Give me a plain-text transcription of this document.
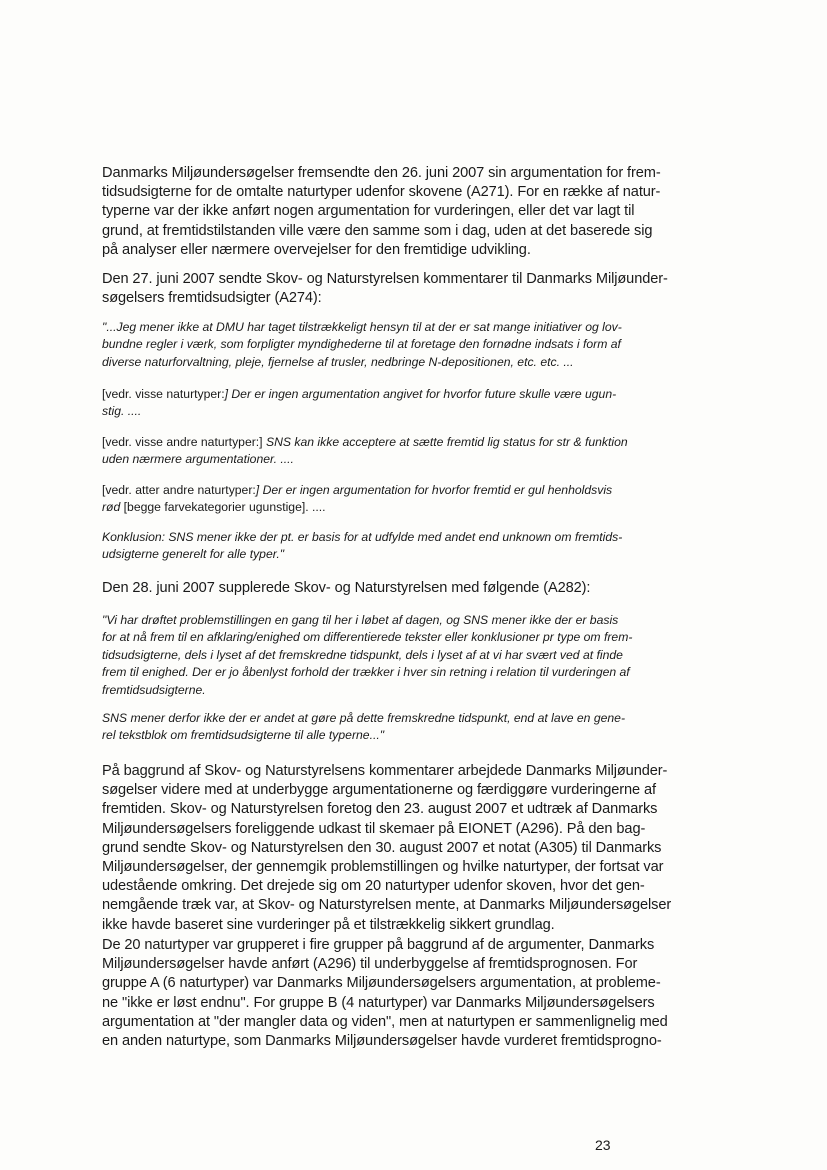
Danmarks Miljøundersøgelser fremsendte den 26. juni 2007 sin argumentation for frem-
tidsudsigterne for de omtalte naturtyper udenfor skovene (A271). For en række af natur-
typerne var der ikke anført nogen argumentation for vurderingen, eller det var lagt til
grund, at fremtidstilstanden ville være den samme som i dag, uden at det baserede sig
på analyser eller nærmere overvejelser for den fremtidige udvikling.

Den 27. juni 2007 sendte Skov- og Naturstyrelsen kommentarer til Danmarks Miljøunder-
søgelsers fremtidsudsigter (A274):

"...Jeg mener ikke at DMU har taget tilstrækkeligt hensyn til at der er sat mange initiativer og lov-
bundne regler i værk, som forpligter myndighederne til at foretage den fornødne indsats i form af
diverse naturforvaltning, pleje, fjernelse af trusler, nedbringe N-depositionen, etc. etc. ...

[vedr. visse naturtyper:] Der er ingen argumentation angivet for hvorfor future skulle være ugun-
stig. ....

[vedr. visse andre naturtyper:] SNS kan ikke acceptere at sætte fremtid lig status for str & funktion
uden nærmere argumentationer. ....

[vedr. atter andre naturtyper:] Der er ingen argumentation for hvorfor fremtid er gul henholdsvis
rød [begge farvekategorier ugunstige]. ....

Konklusion: SNS mener ikke der pt. er basis for at udfylde med andet end unknown om fremtids-
udsigterne generelt for alle typer."

Den 28. juni 2007 supplerede Skov- og Naturstyrelsen med følgende (A282):

"Vi har drøftet problemstillingen en gang til her i løbet af dagen, og SNS mener ikke der er basis
for at nå frem til en afklaring/enighed om differentierede tekster eller konklusioner pr type om frem-
tidsudsigterne, dels i lyset af det fremskredne tidspunkt, dels i lyset af at vi har svært ved at finde
frem til enighed. Der er jo åbenlyst forhold der trækker i hver sin retning i relation til vurderingen af
fremtidsudsigterne.

SNS mener derfor ikke der er andet at gøre på dette fremskredne tidspunkt, end at lave en gene-
rel tekstblok om fremtidsudsigterne til alle typerne..."

På baggrund af Skov- og Naturstyrelsens kommentarer arbejdede Danmarks Miljøunder-
søgelser videre med at underbygge argumentationerne og færdiggøre vurderingerne af
fremtiden. Skov- og Naturstyrelsen foretog den 23. august 2007 et udtræk af Danmarks
Miljøundersøgelsers foreliggende udkast til skemaer på EIONET (A296). På den bag-
grund sendte Skov- og Naturstyrelsen den 30. august 2007 et notat (A305) til Danmarks
Miljøundersøgelser, der gennemgik problemstillingen og hvilke naturtyper, der fortsat var
udestående omkring. Det drejede sig om 20 naturtyper udenfor skoven, hvor det gen-
nemgående træk var, at Skov- og Naturstyrelsen mente, at Danmarks Miljøundersøgelser
ikke havde baseret sine vurderinger på et tilstrækkelig sikkert grundlag.

De 20 naturtyper var grupperet i fire grupper på baggrund af de argumenter, Danmarks
Miljøundersøgelser havde anført (A296) til underbyggelse af fremtidsprognosen. For
gruppe A (6 naturtyper) var Danmarks Miljøundersøgelsers argumentation, at probleme-
ne "ikke er løst endnu". For gruppe B (4 naturtyper) var Danmarks Miljøundersøgelsers
argumentation at "der mangler data og viden", men at naturtypen er sammenlignelig med
en anden naturtype, som Danmarks Miljøundersøgelser havde vurderet fremtidsprogno-

23
